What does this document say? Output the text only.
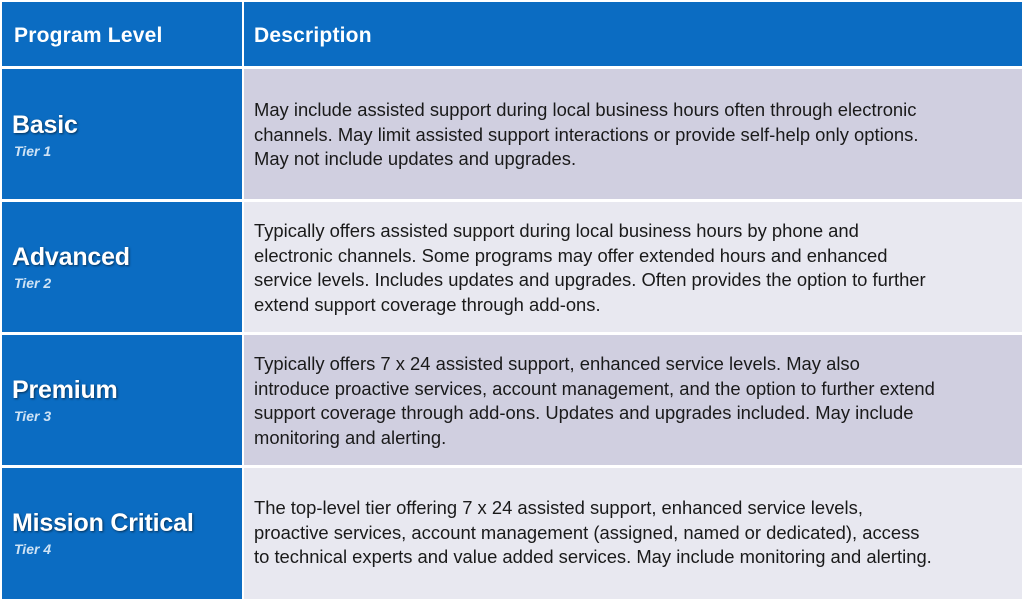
Program Level	Description
Basic
Tier 1
May include assisted support during local business hours often through electronic
channels. May limit assisted support interactions or provide self-help only options.
May not include updates and upgrades.
Advanced
Tier 2
Typically offers assisted support during local business hours by phone and
electronic channels. Some programs may offer extended hours and enhanced
service levels. Includes updates and upgrades. Often provides the option to further
extend support coverage through add-ons.
Premium
Tier 3
Typically offers 7 x 24 assisted support, enhanced service levels. May also
introduce proactive services, account management, and the option to further extend
support coverage through add-ons. Updates and upgrades included. May include
monitoring and alerting.
Mission Critical
Tier 4
The top-level tier offering 7 x 24 assisted support, enhanced service levels,
proactive services, account management (assigned, named or dedicated), access
to technical experts and value added services. May include monitoring and alerting.
